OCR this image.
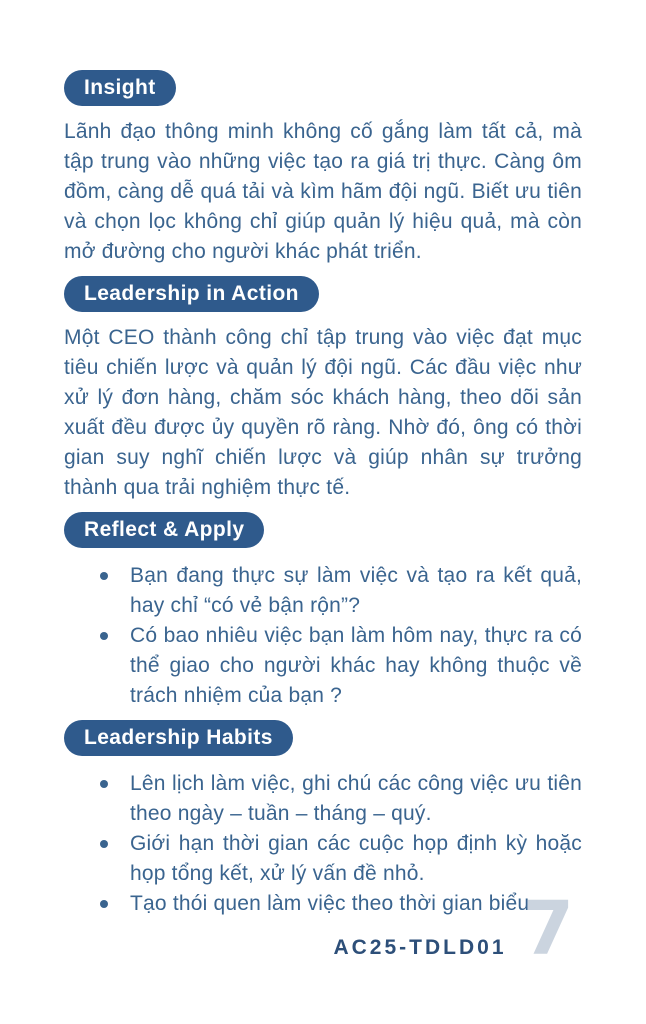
Insight

Lãnh đạo thông minh không cố gắng làm tất cả, mà tập trung vào những việc tạo ra giá trị thực. Càng ôm đồm, càng dễ quá tải và kìm hãm đội ngũ. Biết ưu tiên và chọn lọc không chỉ giúp quản lý hiệu quả, mà còn mở đường cho người khác phát triển.

Leadership in Action

Một CEO thành công chỉ tập trung vào việc đạt mục tiêu chiến lược và quản lý đội ngũ. Các đầu việc như xử lý đơn hàng, chăm sóc khách hàng, theo dõi sản xuất đều được ủy quyền rõ ràng. Nhờ đó, ông có thời gian suy nghĩ chiến lược và giúp nhân sự trưởng thành qua trải nghiệm thực tế.

Reflect & Apply
Bạn đang thực sự làm việc và tạo ra kết quả, hay chỉ “có vẻ bận rộn”?
Có bao nhiêu việc bạn làm hôm nay, thực ra có thể giao cho người khác hay không thuộc về trách nhiệm của bạn ?
Leadership Habits
Lên lịch làm việc, ghi chú các công việc ưu tiên theo ngày – tuần – tháng – quý.
Giới hạn thời gian các cuộc họp định kỳ hoặc họp tổng kết, xử lý vấn đề nhỏ.
Tạo thói quen làm việc theo thời gian biểu.
AC25-TDLD01 7
